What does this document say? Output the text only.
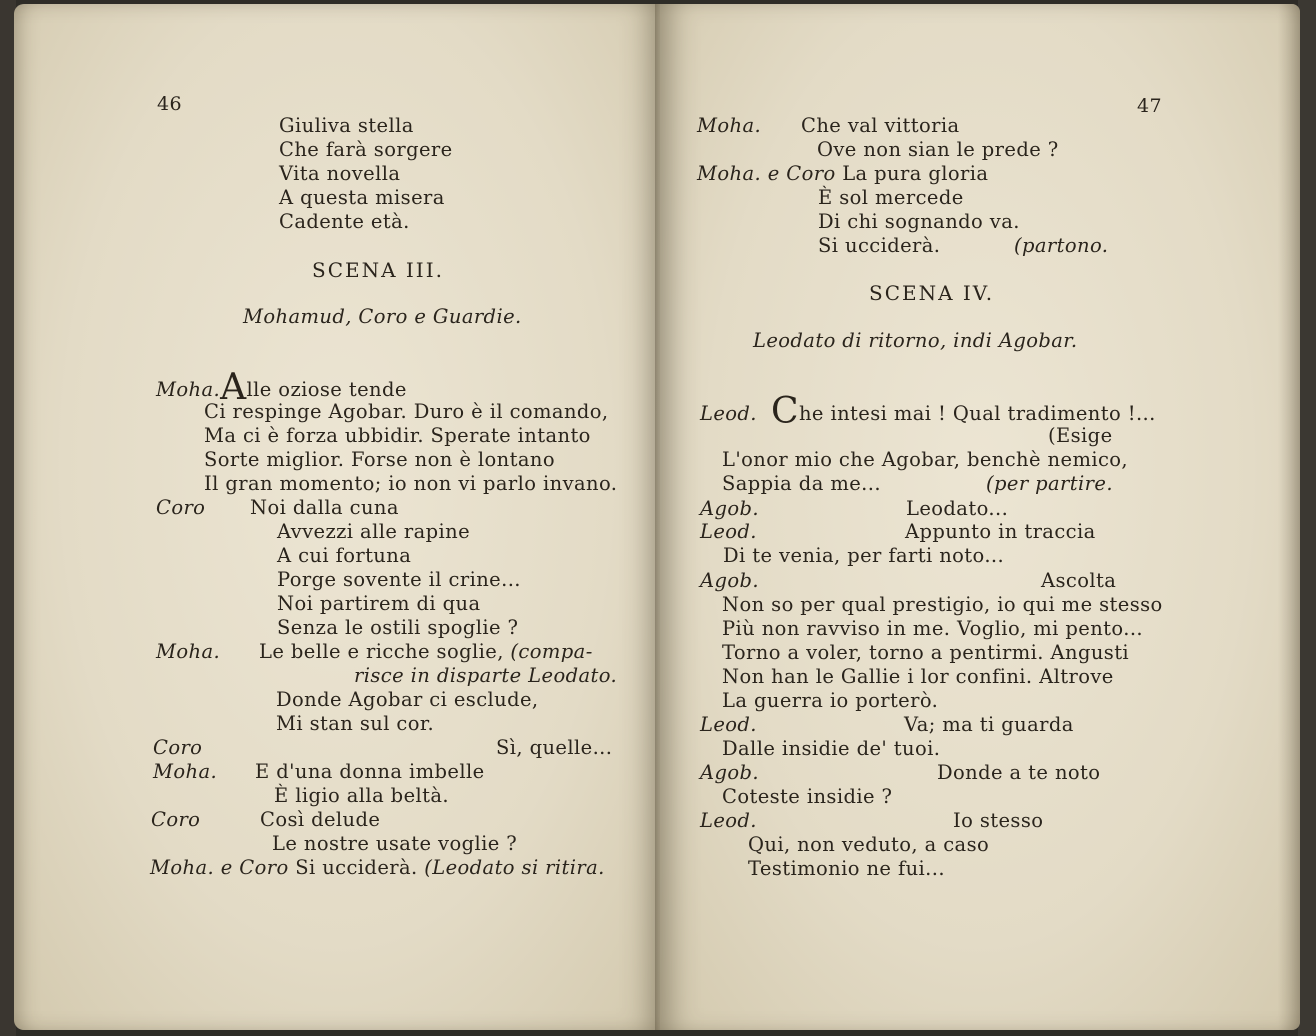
46
Giuliva stella
Che farà sorgere
Vita novella
A questa misera
Cadente età.
SCENA III.
Mohamud, Coro e Guardie.
Moha.Alle oziose tende
Ci respinge Agobar. Duro è il comando,
Ma ci è forza ubbidir. Sperate intanto
Sorte miglior. Forse non è lontano
Il gran momento; io non vi parlo invano.
Coro Noi dalla cuna
Avvezzi alle rapine
A cui fortuna
Porge sovente il crine...
Noi partirem di qua
Senza le ostili spoglie ?
Moha. Le belle e ricche soglie, (compa-
risce in disparte Leodato.
Donde Agobar ci esclude,
Mi stan sul cor.
Coro	Sì, quelle...
Moha. E d'una donna imbelle
È ligio alla beltà.
Coro	Così delude
Le nostre usate voglie ?
Moha. e Coro Si ucciderà. (Leodato si ritira.
47
Moha. Che val vittoria
Ove non sian le prede ?
Moha. e Coro La pura gloria
È sol mercede
Di chi sognando va.
Si ucciderà.	(partono.
SCENA IV.
Leodato di ritorno, indi Agobar.
Leod. Che intesi mai ! Qual tradimento !...
(Esige
L'onor mio che Agobar, benchè nemico,
Sappia da me...	(per partire.
Agob.	Leodato...
Leod.	Appunto in traccia
Di te venia, per farti noto...
Agob.	Ascolta
Non so per qual prestigio, io qui me stesso
Più non ravviso in me. Voglio, mi pento...
Torno a voler, torno a pentirmi. Angusti
Non han le Gallie i lor confini. Altrove
La guerra io porterò.
Leod.	Va; ma ti guarda
Dalle insidie de' tuoi.
Agob.	Donde a te noto
Coteste insidie ?
Leod.	Io stesso
Qui, non veduto, a caso
Testimonio ne fui...
